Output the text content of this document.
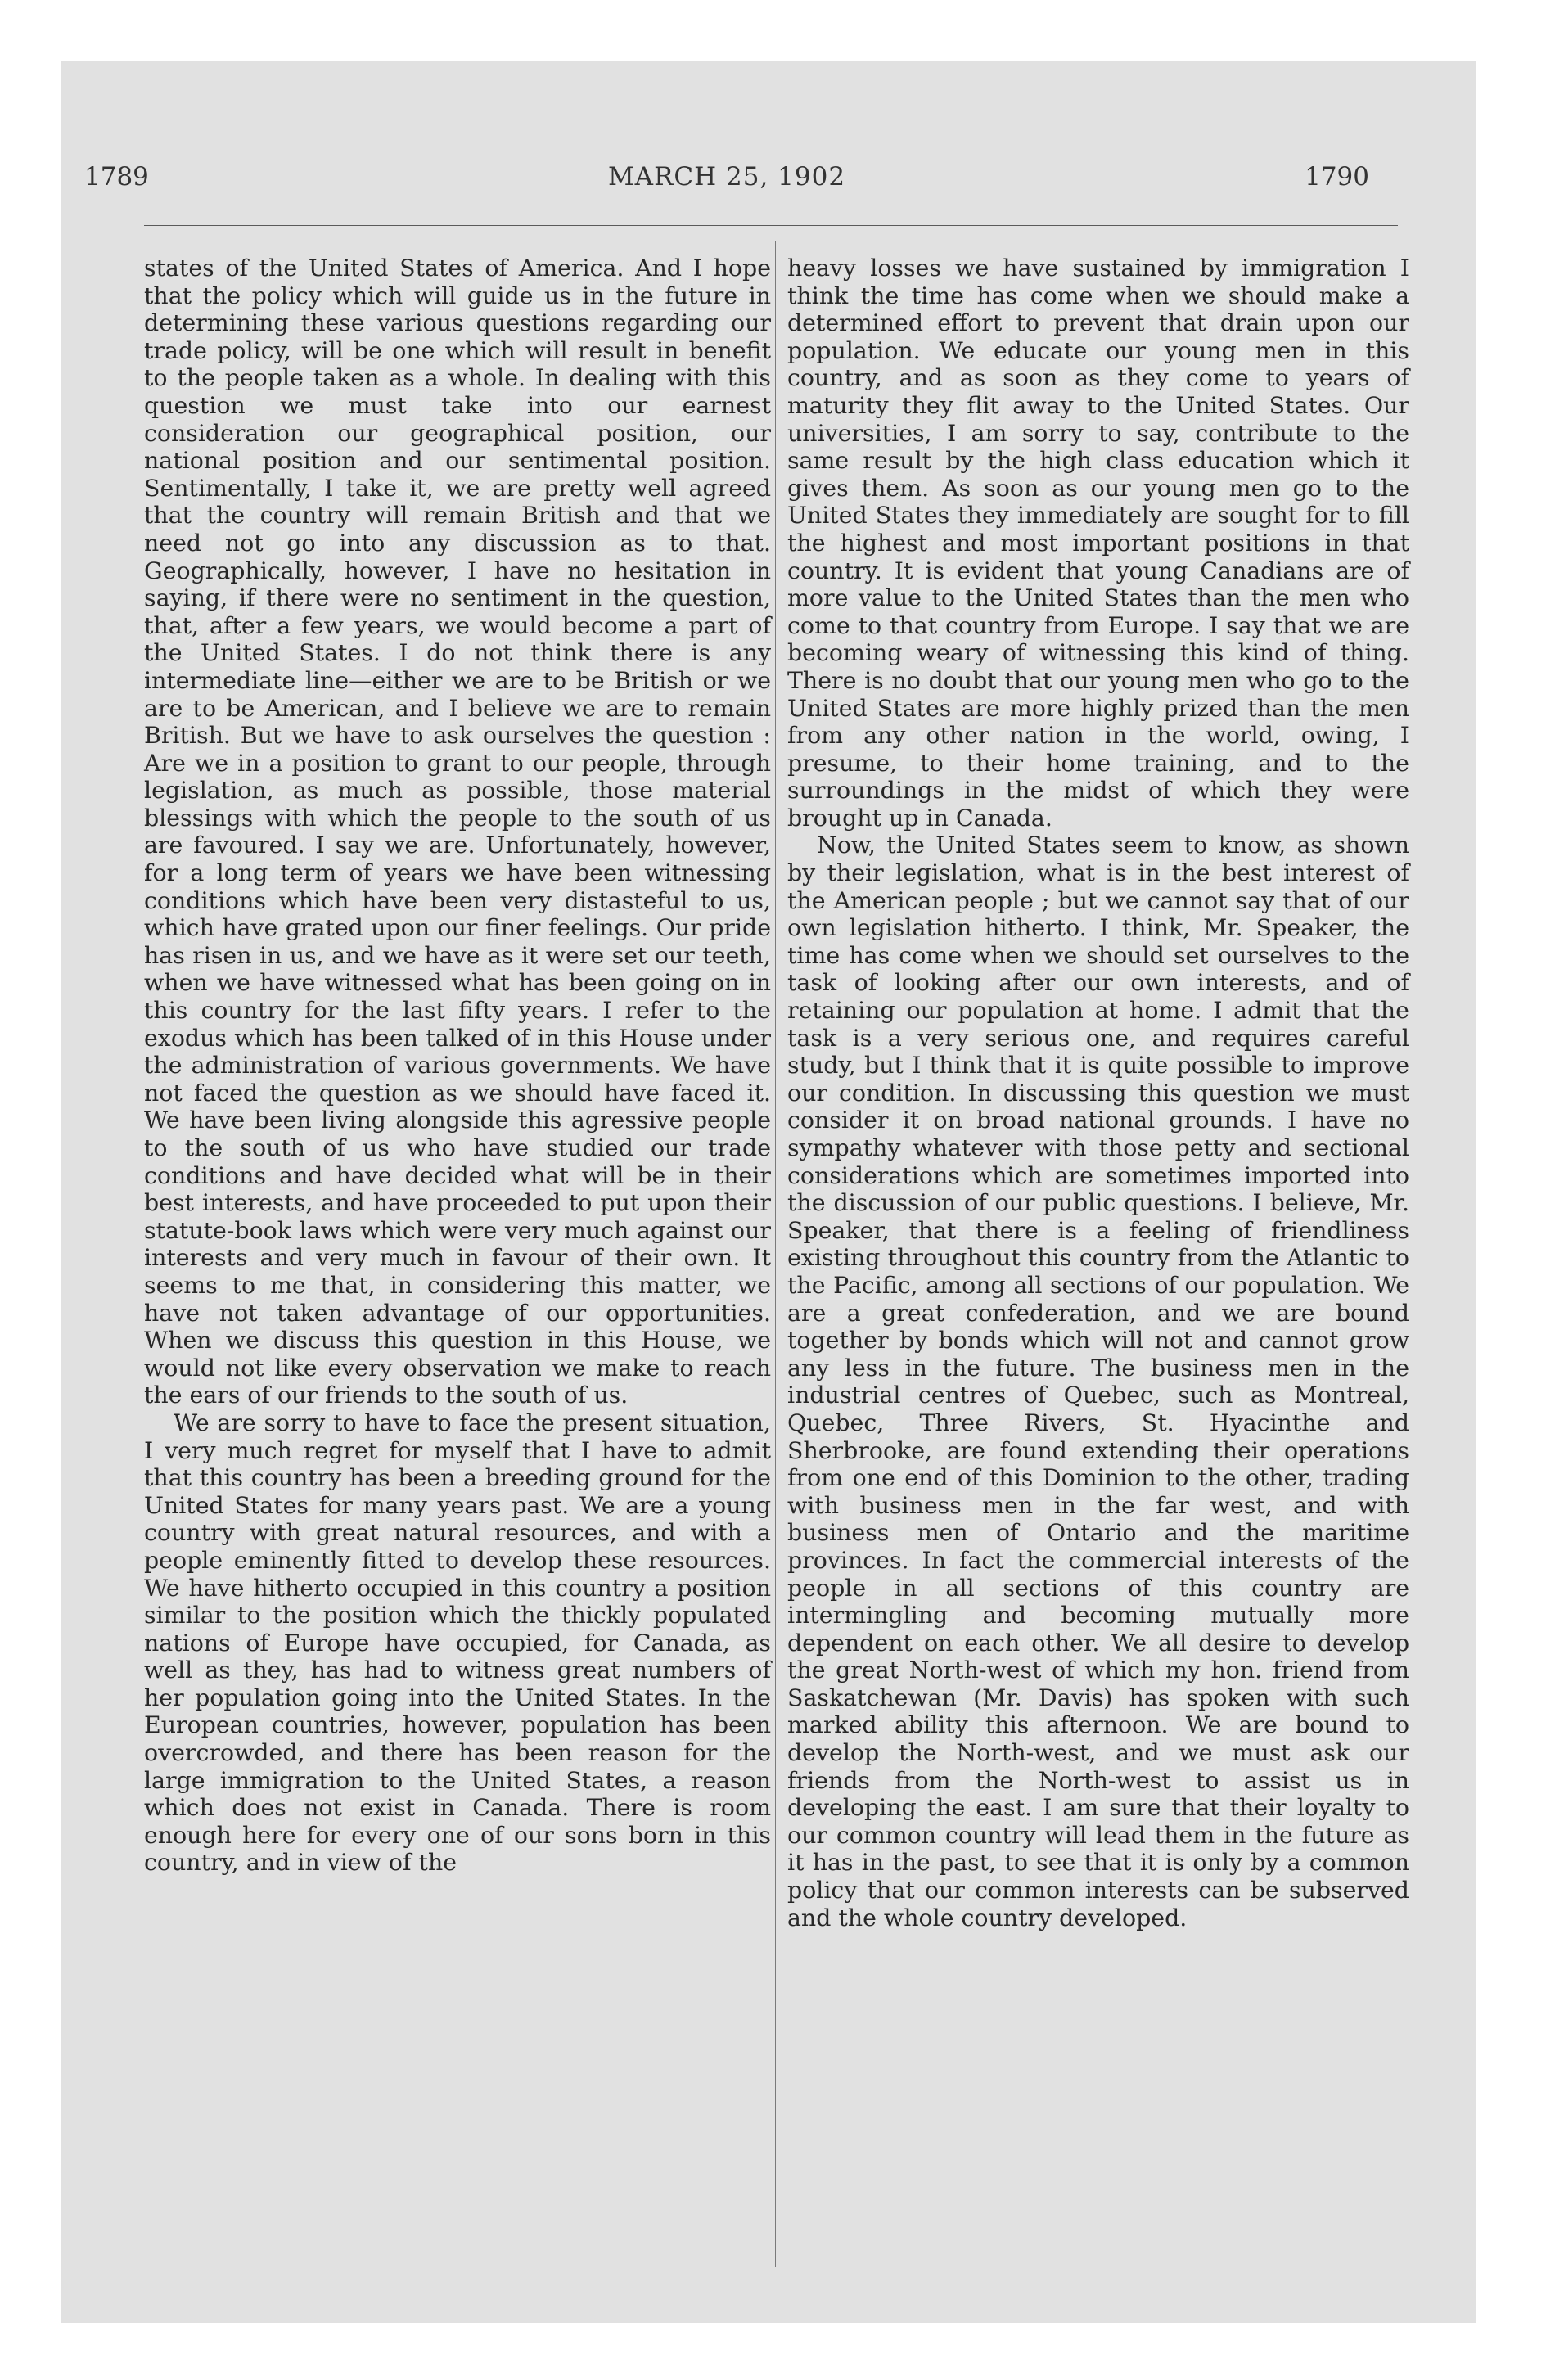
1789	MARCH 25, 1902	1790

states of the United States of America. And I hope that the policy which will guide us in the future in determining these various questions regarding our trade policy, will be one which will result in benefit to the people taken as a whole. In dealing with this question we must take into our earnest consideration our geographical position, our national position and our sentimental position. Sentimentally, I take it, we are pretty well agreed that the country will remain British and that we need not go into any discussion as to that. Geographically, however, I have no hesitation in saying, if there were no sentiment in the question, that, after a few years, we would become a part of the United States. I do not think there is any intermediate line—either we are to be British or we are to be American, and I believe we are to remain British. But we have to ask ourselves the question : Are we in a position to grant to our people, through legislation, as much as possible, those material blessings with which the people to the south of us are favoured. I say we are. Unfortunately, however, for a long term of years we have been witnessing conditions which have been very distasteful to us, which have grated upon our finer feelings. Our pride has risen in us, and we have as it were set our teeth, when we have witnessed what has been going on in this country for the last fifty years. I refer to the exodus which has been talked of in this House under the administration of various governments. We have not faced the question as we should have faced it. We have been living alongside this agressive people to the south of us who have studied our trade conditions and have decided what will be in their best interests, and have proceeded to put upon their statute-book laws which were very much against our interests and very much in favour of their own. It seems to me that, in considering this matter, we have not taken advantage of our opportunities. When we discuss this question in this House, we would not like every observation we make to reach the ears of our friends to the south of us.

We are sorry to have to face the present situation, I very much regret for myself that I have to admit that this country has been a breeding ground for the United States for many years past. We are a young country with great natural resources, and with a people eminently fitted to develop these resources. We have hitherto occupied in this country a position similar to the position which the thickly populated nations of Europe have occupied, for Canada, as well as they, has had to witness great numbers of her population going into the United States. In the European countries, however, population has been overcrowded, and there has been reason for the large immigration to the United States, a reason which does not exist in Canada. There is room enough here for every one of our sons born in this country, and in view of the

heavy losses we have sustained by immigration I think the time has come when we should make a determined effort to prevent that drain upon our population. We educate our young men in this country, and as soon as they come to years of maturity they flit away to the United States. Our universities, I am sorry to say, contribute to the same result by the high class education which it gives them. As soon as our young men go to the United States they immediately are sought for to fill the highest and most important positions in that country. It is evident that young Canadians are of more value to the United States than the men who come to that country from Europe. I say that we are becoming weary of witnessing this kind of thing. There is no doubt that our young men who go to the United States are more highly prized than the men from any other nation in the world, owing, I presume, to their home training, and to the surroundings in the midst of which they were brought up in Canada.

Now, the United States seem to know, as shown by their legislation, what is in the best interest of the American people ; but we cannot say that of our own legislation hitherto. I think, Mr. Speaker, the time has come when we should set ourselves to the task of looking after our own interests, and of retaining our population at home. I admit that the task is a very serious one, and requires careful study, but I think that it is quite possible to improve our condition. In discussing this question we must consider it on broad national grounds. I have no sympathy whatever with those petty and sectional considerations which are sometimes imported into the discussion of our public questions. I believe, Mr. Speaker, that there is a feeling of friendliness existing throughout this country from the Atlantic to the Pacific, among all sections of our population. We are a great confederation, and we are bound together by bonds which will not and cannot grow any less in the future. The business men in the industrial centres of Quebec, such as Montreal, Quebec, Three Rivers, St. Hyacinthe and Sherbrooke, are found extending their operations from one end of this Dominion to the other, trading with business men in the far west, and with business men of Ontario and the maritime provinces. In fact the commercial interests of the people in all sections of this country are intermingling and becoming mutually more dependent on each other. We all desire to develop the great North-west of which my hon. friend from Saskatchewan (Mr. Davis) has spoken with such marked ability this afternoon. We are bound to develop the North-west, and we must ask our friends from the North-west to assist us in developing the east. I am sure that their loyalty to our common country will lead them in the future as it has in the past, to see that it is only by a common policy that our common interests can be subserved and the whole country developed.
